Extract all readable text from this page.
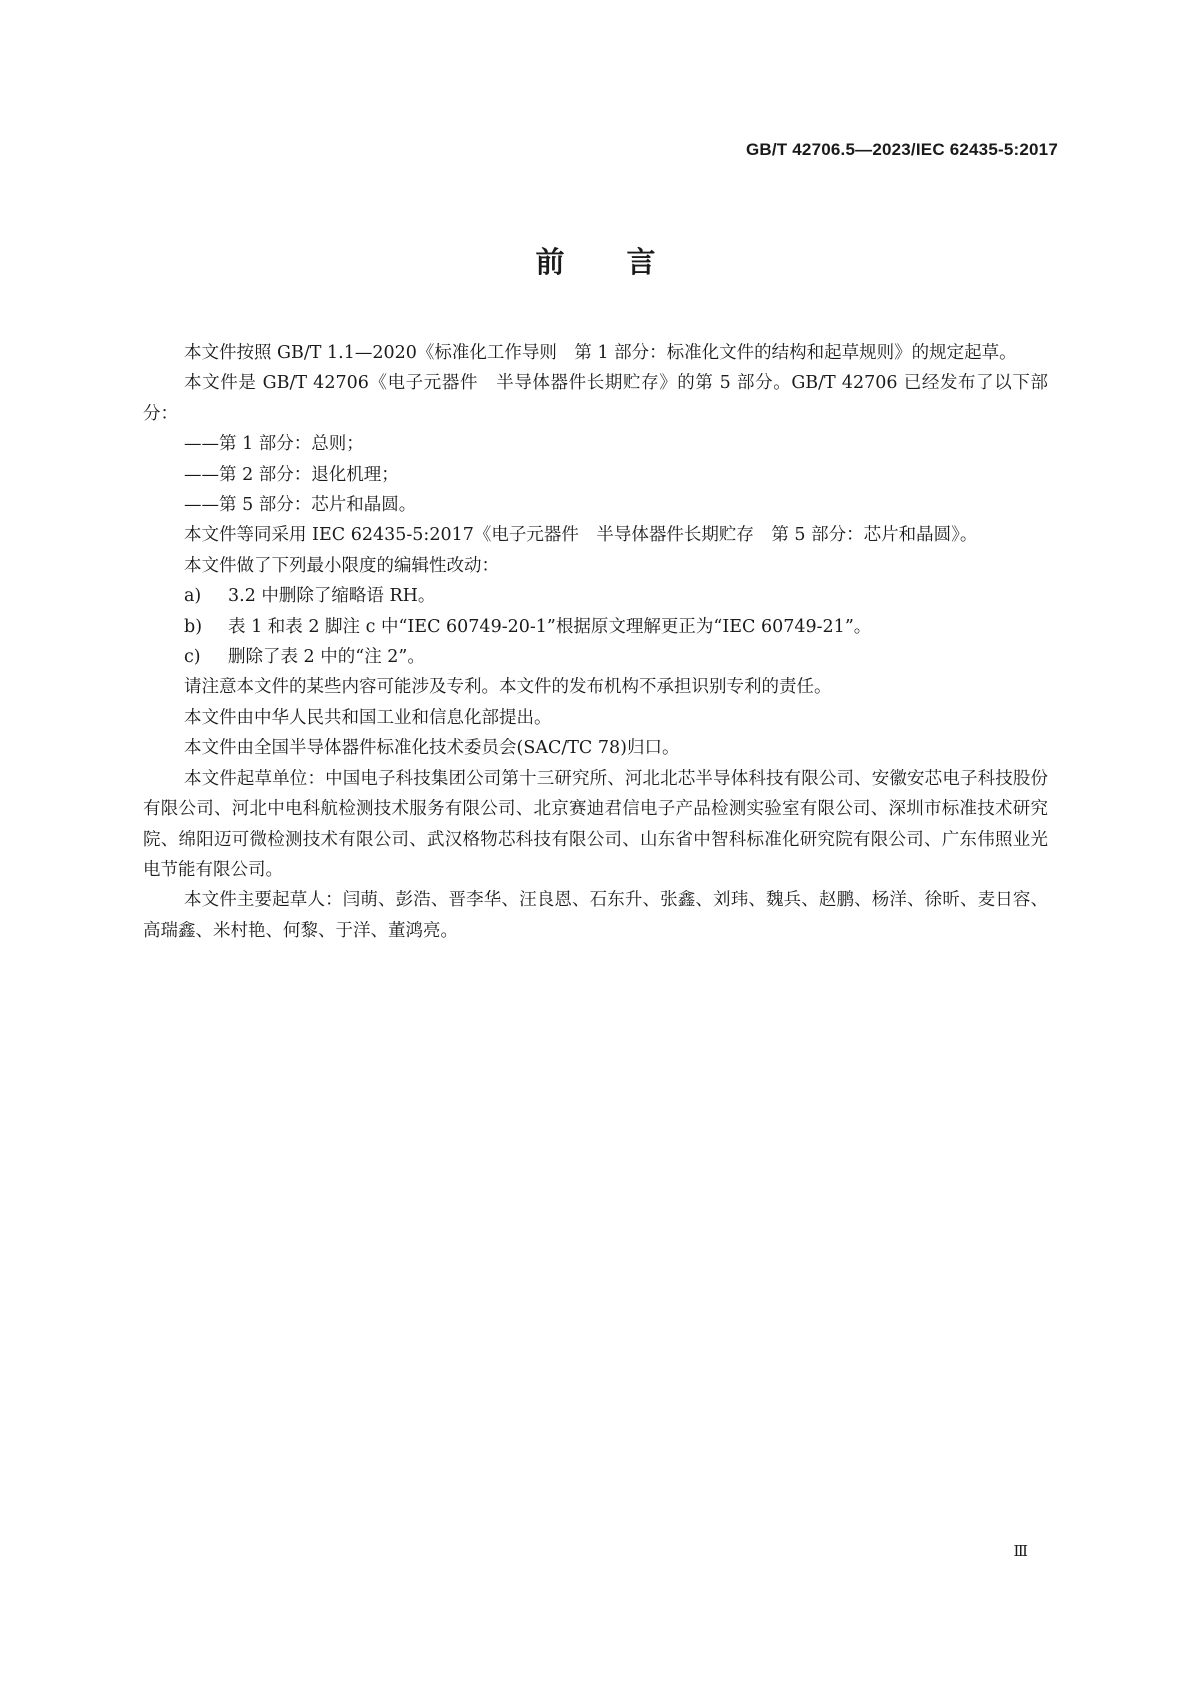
GB/T 42706.5—2023/IEC 62435-5:2017
前 言

本文件按照 GB/T 1.1—2020《标准化工作导则　第 1 部分：标准化文件的结构和起草规则》的规定起草。

本文件是 GB/T 42706《电子元器件　半导体器件长期贮存》的第 5 部分。GB/T 42706 已经发布了以下部分：

——第 1 部分：总则；

——第 2 部分：退化机理；

——第 5 部分：芯片和晶圆。

本文件等同采用 IEC 62435-5:2017《电子元器件　半导体器件长期贮存　第 5 部分：芯片和晶圆》。

本文件做了下列最小限度的编辑性改动：

a) 3.2 中删除了缩略语 RH。

b) 表 1 和表 2 脚注 c 中“IEC 60749-20-1”根据原文理解更正为“IEC 60749-21”。

c) 删除了表 2 中的“注 2”。

请注意本文件的某些内容可能涉及专利。本文件的发布机构不承担识别专利的责任。

本文件由中华人民共和国工业和信息化部提出。

本文件由全国半导体器件标准化技术委员会(SAC/TC 78)归口。

本文件起草单位：中国电子科技集团公司第十三研究所、河北北芯半导体科技有限公司、安徽安芯电子科技股份有限公司、河北中电科航检测技术服务有限公司、北京赛迪君信电子产品检测实验室有限公司、深圳市标准技术研究院、绵阳迈可微检测技术有限公司、武汉格物芯科技有限公司、山东省中智科标准化研究院有限公司、广东伟照业光电节能有限公司。

本文件主要起草人：闫萌、彭浩、晋李华、汪良恩、石东升、张鑫、刘玮、魏兵、赵鹏、杨洋、徐昕、麦日容、高瑞鑫、米村艳、何黎、于洋、董鸿亮。

Ⅲ
